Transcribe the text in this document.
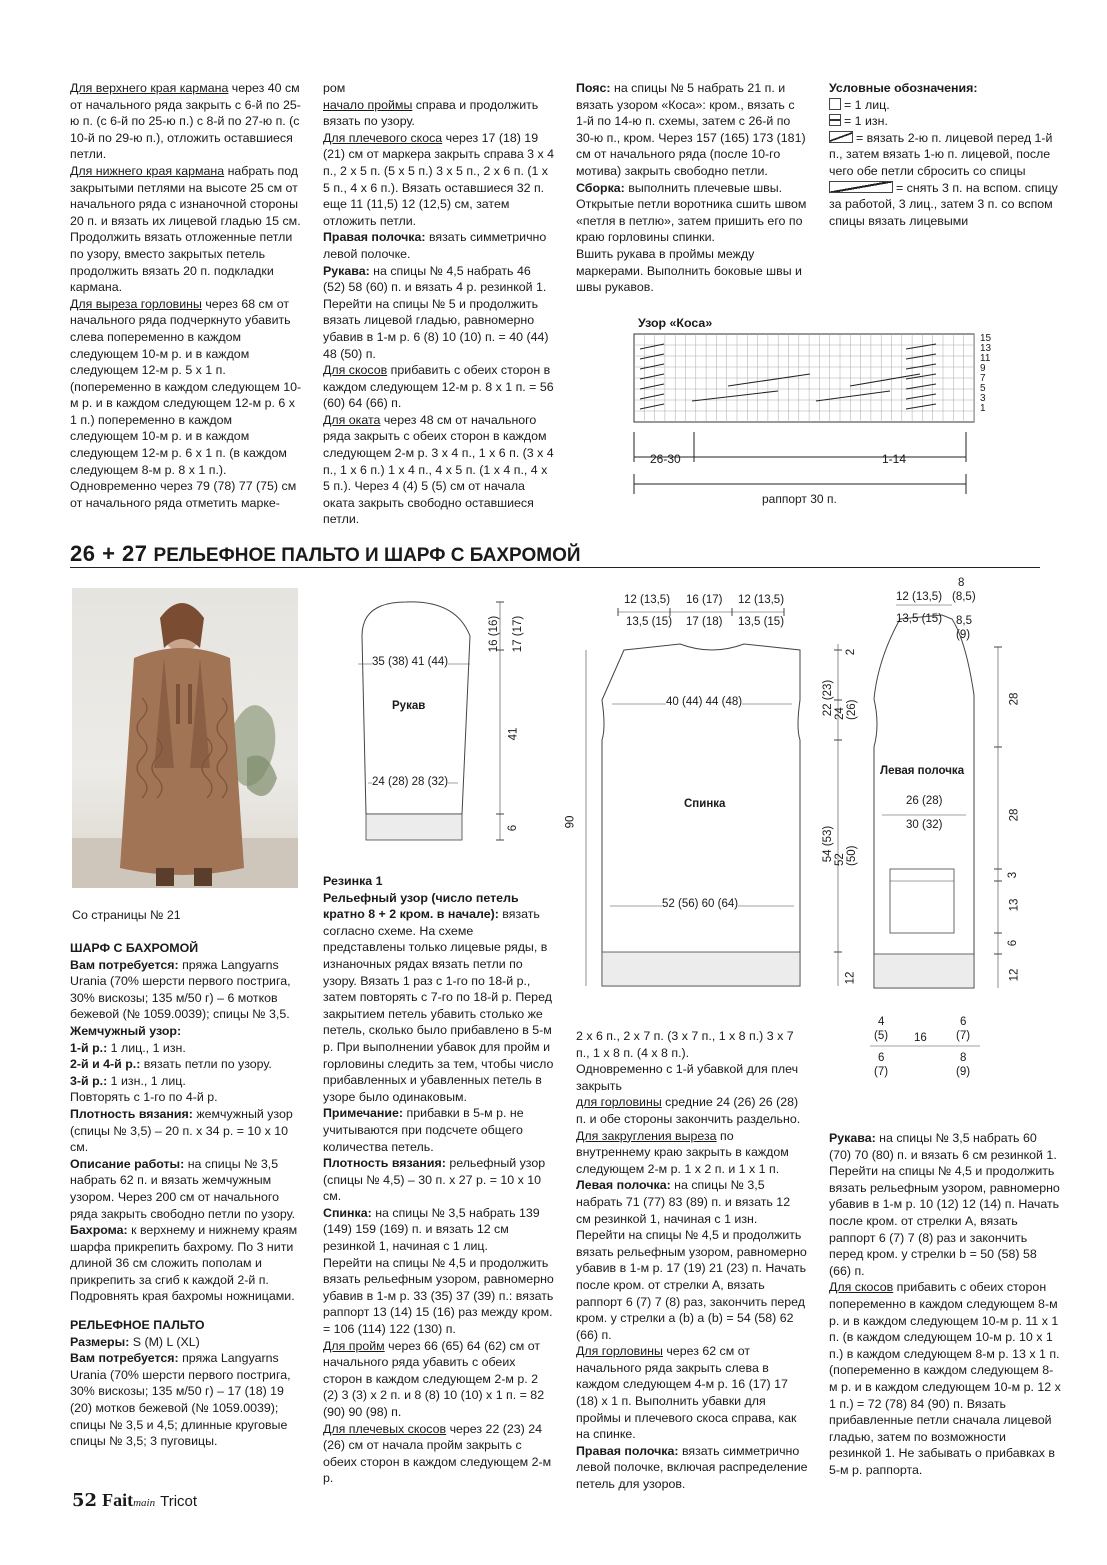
Для верхнего края кармана через 40 см от начального ряда закрыть с 6-й по 25-ю п. (с 6-й по 25-ю п.) с 8-й по 27-ю п. (с 10-й по 29-ю п.), отложить оставшиеся петли.

Для нижнего края кармана набрать под закрытыми петлями на высоте 25 см от начального ряда с изнаночной стороны 20 п. и вязать их лицевой гладью 15 см. Продолжить вязать отложенные петли по узору, вместо закрытых петель продолжить вязать 20 п. подкладки кармана.

Для выреза горловины через 68 см от начального ряда подчеркнуто убавить слева попеременно в каждом следующем 10-м р. и в каждом следующем 12-м р. 5 х 1 п. (попеременно в каждом следующем 10-м р. и в каждом следующем 12-м р. 6 х 1 п.) попеременно в каждом следующем 10-м р. и в каждом следующем 12-м р. 6 х 1 п. (в каждом следующем 8-м р. 8 х 1 п.).

Одновременно через 79 (78) 77 (75) см от начального ряда отметить марке-

ром

начало проймы справа и продолжить вязать по узору.

Для плечевого скоса через 17 (18) 19 (21) см от маркера закрыть справа 3 х 4 п., 2 х 5 п. (5 х 5 п.) 3 х 5 п., 2 х 6 п. (1 х 5 п., 4 х 6 п.). Вязать оставшиеся 32 п. еще 11 (11,5) 12 (12,5) см, затем отложить петли.

Правая полочка: вязать симметрично левой полочке.

Рукава: на спицы № 4,5 набрать 46 (52) 58 (60) п. и вязать 4 р. резинкой 1.

Перейти на спицы № 5 и продолжить вязать лицевой гладью, равномерно убавив в 1-м р. 6 (8) 10 (10) п. = 40 (44) 48 (50) п.

Для скосов прибавить с обеих сторон в каждом следующем 12-м р. 8 х 1 п. = 56 (60) 64 (66) п.

Для оката через 48 см от начального ряда закрыть с обеих сторон в каждом следующем 2-м р. 3 х 4 п., 1 х 6 п. (3 х 4 п., 1 х 6 п.) 1 х 4 п., 4 х 5 п. (1 х 4 п., 4 х 5 п.). Через 4 (4) 5 (5) см от начала оката закрыть свободно оставшиеся петли.

Пояс: на спицы № 5 набрать 21 п. и вязать узором «Коса»: кром., вязать с 1-й по 14-ю п. схемы, затем с 26-й по 30-ю п., кром. Через 157 (165) 173 (181) см от начального ряда (после 10-го мотива) закрыть свободно петли.

Сборка: выполнить плечевые швы. Открытые петли воротника сшить швом «петля в петлю», затем пришить его по краю горловины спинки.

Вшить рукава в проймы между маркерами. Выполнить боковые швы и швы рукавов.

Условные обозначения:

= 1 лиц.

= 1 изн.

= вязать 2-ю п. лицевой перед 1-й п., затем вязать 1-ю п. лицевой, после чего обе петли сбросить со спицы

= снять 3 п. на вспом. спицу за работой, 3 лиц., затем 3 п. со вспом спицы вязать лицевыми

Узор «Коса»
15
13
11
9
7
5
3
1
26-30	1-14
раппорт 30 п.
26 + 27 РЕЛЬЕФНОЕ ПАЛЬТО И ШАРФ С БАХРОМОЙ
Со страницы № 21

ШАРФ С БАХРОМОЙ

Вам потребуется: пряжа Langyarns Urania (70% шерсти первого пострига, 30% вискозы; 135 м/50 г) – 6 мотков бежевой (№ 1059.0039); спицы № 3,5.

Жемчужный узор:

1-й р.: 1 лиц., 1 изн.

2-й и 4-й р.: вязать петли по узору.

3-й р.: 1 изн., 1 лиц.

Повторять с 1-го по 4-й р.

Плотность вязания: жемчужный узор (спицы № 3,5) – 20 п. х 34 р. = 10 х 10 см.

Описание работы: на спицы № 3,5 набрать 62 п. и вязать жемчужным узором. Через 200 см от начального ряда закрыть свободно петли по узору.

Бахрома: к верхнему и нижнему краям шарфа прикрепить бахрому. По 3 нити длиной 36 см сложить пополам и прикрепить за сгиб к каждой 2-й п. Подровнять края бахромы ножницами.

РЕЛЬЕФНОЕ ПАЛЬТО

Размеры: S (M) L (XL)

Вам потребуется: пряжа Langyarns Urania (70% шерсти первого пострига, 30% вискозы; 135 м/50 г) – 17 (18) 19 (20) мотков бежевой (№ 1059.0039); спицы № 3,5 и 4,5; длинные круговые спицы № 3,5; 3 пуговицы.

Резинка 1

Рельефный узор (число петель кратно 8 + 2 кром. в начале): вязать согласно схеме. На схеме представлены только лицевые ряды, в изнаночных рядах вязать петли по узору. Вязать 1 раз с 1-го по 18-й р., затем повторять с 7-го по 18-й р. Перед закрытием петель убавить столько же петель, сколько было прибавлено в 5-м р. При выполнении убавок для пройм и горловины следить за тем, чтобы число прибавленных и убавленных петель в узоре было одинаковым.

Примечание: прибавки в 5-м р. не учитываются при подсчете общего количества петель.

Плотность вязания: рельефный узор (спицы № 4,5) – 30 п. х 27 р. = 10 х 10 см.

Спинка: на спицы № 3,5 набрать 139 (149) 159 (169) п. и вязать 12 см резинкой 1, начиная с 1 лиц.

Перейти на спицы № 4,5 и продолжить вязать рельефным узором, равномерно убавив в 1-м р. 33 (35) 37 (39) п.: вязать раппорт 13 (14) 15 (16) раз между кром. = 106 (114) 122 (130) п.

Для пройм через 66 (65) 64 (62) см от начального ряда убавить с обеих сторон в каждом следующем 2-м р. 2 (2) 3 (3) х 2 п. и 8 (8) 10 (10) х 1 п. = 82 (90) 90 (98) п.

Для плечевых скосов через 22 (23) 24 (26) см от начала пройм закрыть с обеих сторон в каждом следующем 2-м р.

2 х 6 п., 2 х 7 п. (3 х 7 п., 1 х 8 п.) 3 х 7 п., 1 х 8 п. (4 х 8 п.).

Одновременно с 1-й убавкой для плеч закрыть

для горловины средние 24 (26) 26 (28) п. и обе стороны закончить раздельно.

Для закругления выреза по внутреннему краю закрыть в каждом следующем 2-м р. 1 х 2 п. и 1 х 1 п.

Левая полочка: на спицы № 3,5 набрать 71 (77) 83 (89) п. и вязать 12 см резинкой 1, начиная с 1 изн.

Перейти на спицы № 4,5 и продолжить вязать рельефным узором, равномерно убавив в 1-м р. 17 (19) 21 (23) п. Начать после кром. от стрелки А, вязать раппорт 6 (7) 7 (8) раз, закончить перед кром. у стрелки a (b) a (b) = 54 (58) 62 (66) п.

Для горловины через 62 см от начального ряда закрыть слева в каждом следующем 4-м р. 16 (17) 17 (18) х 1 п. Выполнить убавки для проймы и плечевого скоса справа, как на спинке.

Правая полочка: вязать симметрично левой полочке, включая распределение петель для узоров.

Рукава: на спицы № 3,5 набрать 60 (70) 70 (80) п. и вязать 6 см резинкой 1.

Перейти на спицы № 4,5 и продолжить вязать рельефным узором, равномерно убавив в 1-м р. 10 (12) 12 (14) п. Начать после кром. от стрелки А, вязать раппорт 6 (7) 7 (8) раз и закончить перед кром. у стрелки b = 50 (58) 58 (66) п.

Для скосов прибавить с обеих сторон попеременно в каждом следующем 8-м р. и в каждом следующем 10-м р. 11 х 1 п. (в каждом следующем 10-м р. 10 х 1 п.) в каждом следующем 8-м р. 13 х 1 п. (попеременно в каждом следующем 8-м р. и в каждом следующем 10-м р. 12 х 1 п.) = 72 (78) 84 (90) п. Вязать прибавленные петли сначала лицевой гладью, затем по возможности резинкой 1. Не забывать о прибавках в 5-м р. раппорта.

35 (38) 41 (44)
Рукав
24 (28) 28 (32)
16 (16) 17 (17)
41
6
12 (13,5) 16 (17) 12 (13,5)
13,5 (15) 17 (18) 13,5 (15)
40 (44) 44 (48)
Спинка
52 (56) 60 (64)
90
2
22 (23) 24 (26)
54 (53) 52 (50)
12
12 (13,5)
8
(8,5)
13,5 (15) 8,5
(9)
Левая полочка
26 (28)
30 (32)
28
28
3
13
6
12
4
(5) 16
6
(7)
6
(7)
8
(9)
52 Faitmain Tricot
